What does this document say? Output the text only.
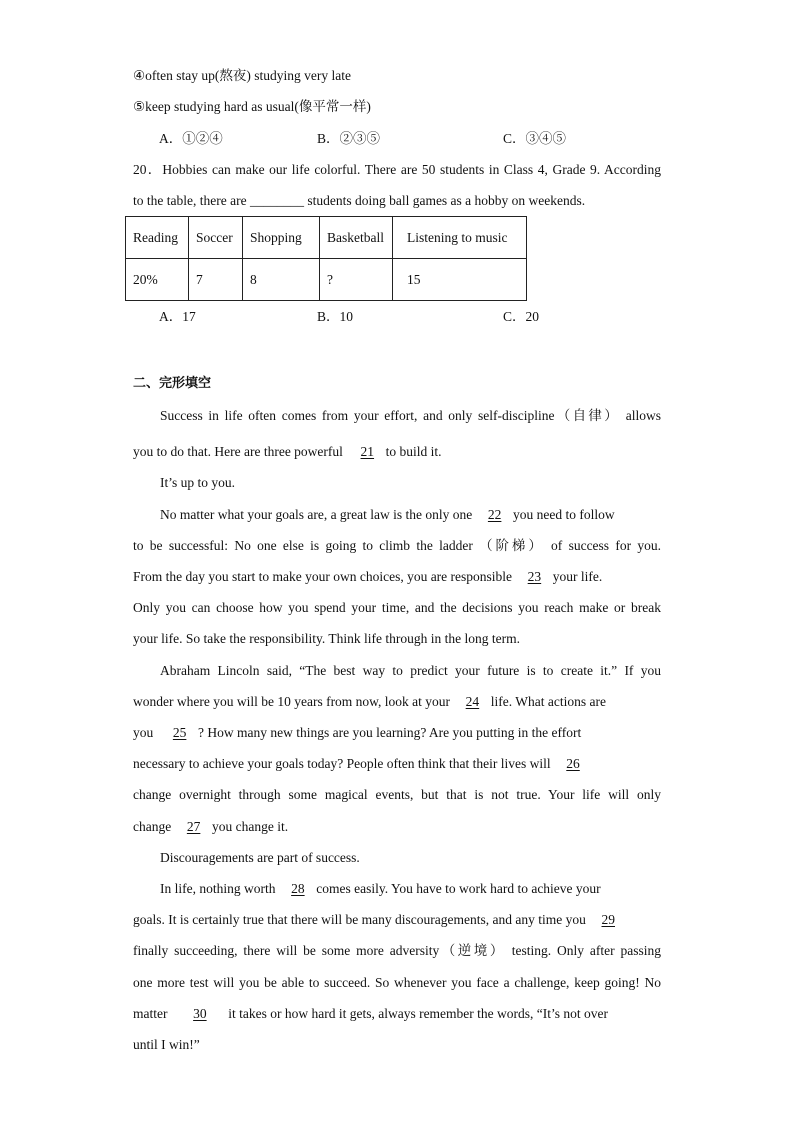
④often stay up(熬夜) studying very late
⑤keep studying hard as usual(像平常一样)
A．①②④	B．②③⑤	C．③④⑤
20．Hobbies can make our life colorful. There are 50 students in Class 4, Grade 9. According
to the table, there are ________ students doing ball games as a hobby on weekends.
Reading	Soccer	Shopping	Basketball	Listening to music
20%	7	8	?	15
A．17	B．10	C．20
二、完形填空
Success in life often comes from your effort, and only self-discipline（自律） allows
you to do that. Here are three powerful 21 to build it.
It’s up to you.
No matter what your goals are, a great law is the only one 22 you need to follow
to be successful: No one else is going to climb the ladder （阶梯） of success for you.
From the day you start to make your own choices, you are responsible 23 your life.
Only you can choose how you spend your time, and the decisions you reach make or break
your life. So take the responsibility. Think life through in the long term.
Abraham Lincoln said, “The best way to predict your future is to create it.” If you
wonder where you will be 10 years from now, look at your 24 life. What actions are
you 25 ? How many new things are you learning? Are you putting in the effort
necessary to achieve your goals today? People often think that their lives will 26
change overnight through some magical events, but that is not true. Your life will only
change 27 you change it.
Discouragements are part of success.
In life, nothing worth 28 comes easily. You have to work hard to achieve your
goals. It is certainly true that there will be many discouragements, and any time you 29
finally succeeding, there will be some more adversity（逆境） testing. Only after passing
one more test will you be able to succeed. So whenever you face a challenge, keep going! No
matter 30 it takes or how hard it gets, always remember the words, “It’s not over
until I win!”
